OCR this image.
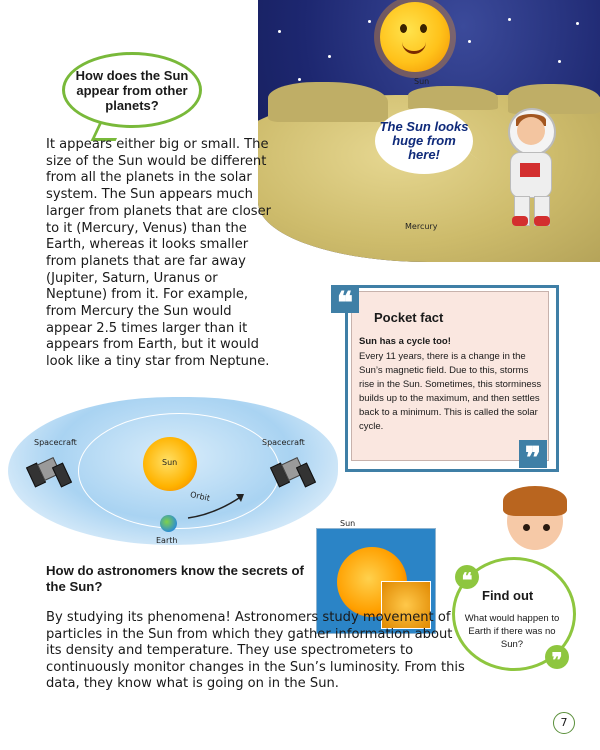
Sun
Mercury
The Sun looks huge from here!
How does the Sun appear from other planets?
It appears either big or small. The size of the Sun would be different from all the planets in the solar system. The Sun appears much larger from planets that are closer to it (Mercury, Venus) than the Earth, whereas it looks smaller from planets that are far away (Jupiter, Saturn, Uranus or Neptune) from it. For example, from Mercury the Sun would appear 2.5 times larger than it appears from Earth, but it would look like a tiny star from Neptune.
Pocket fact
Sun has a cycle too!
Every 11 years, there is a change in the Sun’s magnetic field. Due to this, storms rise in the Sun. Sometimes, this storminess builds up to the maximum, and then settles back to a minimum. This is called the solar cycle.
❝
❞
Sun
Earth
Orbit
Spacecraft	Spacecraft
Sun
How do astronomers know the secrets of the Sun?
By studying its phenomena! Astronomers study movement of particles in the Sun from which they gather information about its density and temperature. They use spectrometers to continuously monitor changes in the Sun’s luminosity. From this data, they know what is going on in the Sun.
❝
❞
Find out
What would happen to Earth if there was no Sun?
7
